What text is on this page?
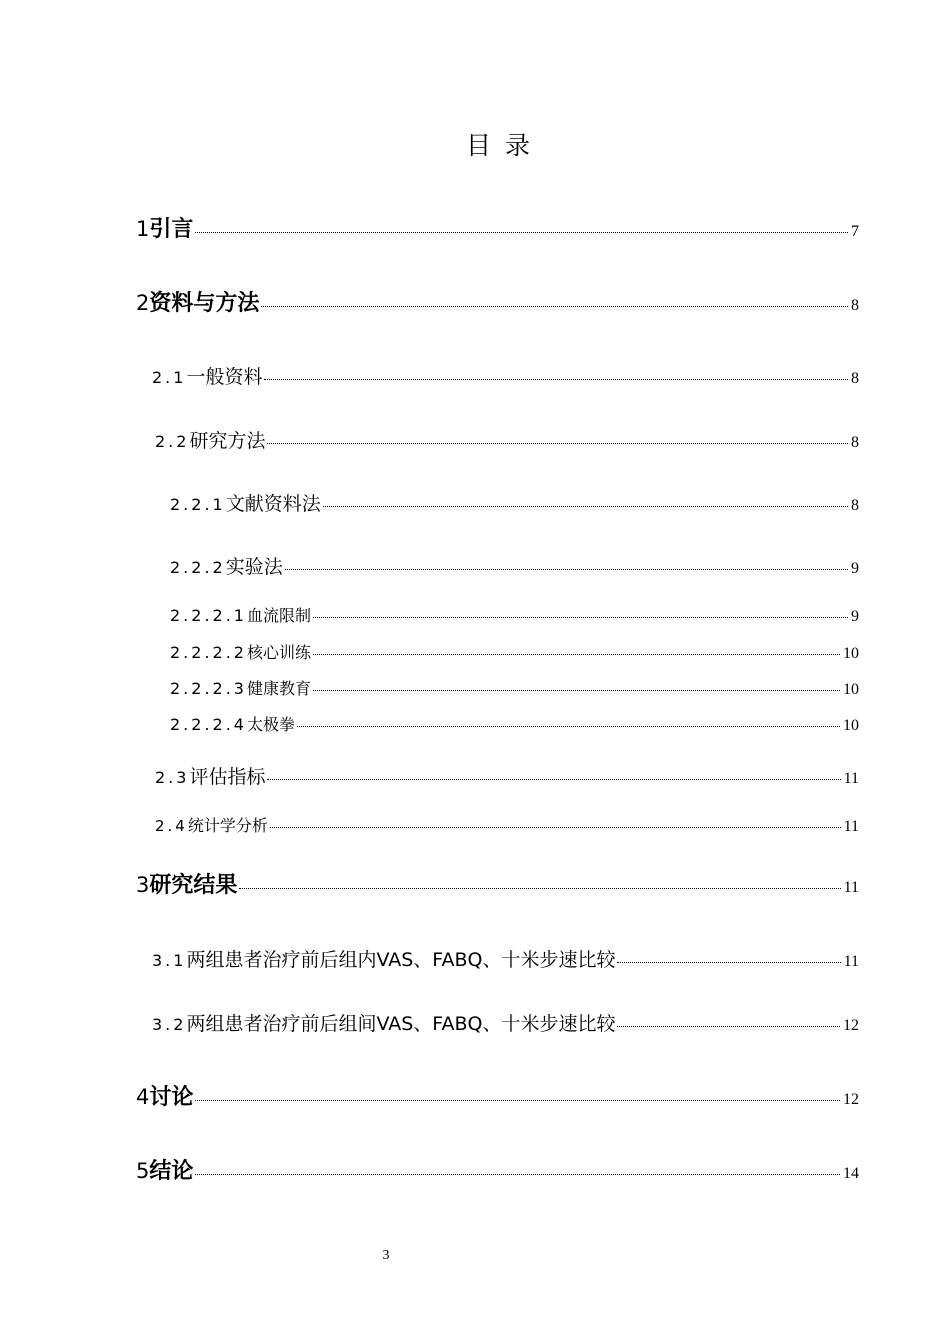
目录
1 引言	7
2 资料与方法	8
2.1 一般资料	8
2.2 研究方法	8
2.2.1 文献资料法	8
2.2.2 实验法	9
2.2.2.1 血流限制	9
2.2.2.2 核心训练	10
2.2.2.3 健康教育	10
2.2.2.4 太极拳	10
2.3 评估指标	11
2.4 统计学分析	11
3 研究结果	11
3.1 两组患者治疗前后组内VAS、FABQ、十米步速比较	11
3.2 两组患者治疗前后组间VAS、FABQ、十米步速比较	12
4 讨论	12
5 结论	14
3
